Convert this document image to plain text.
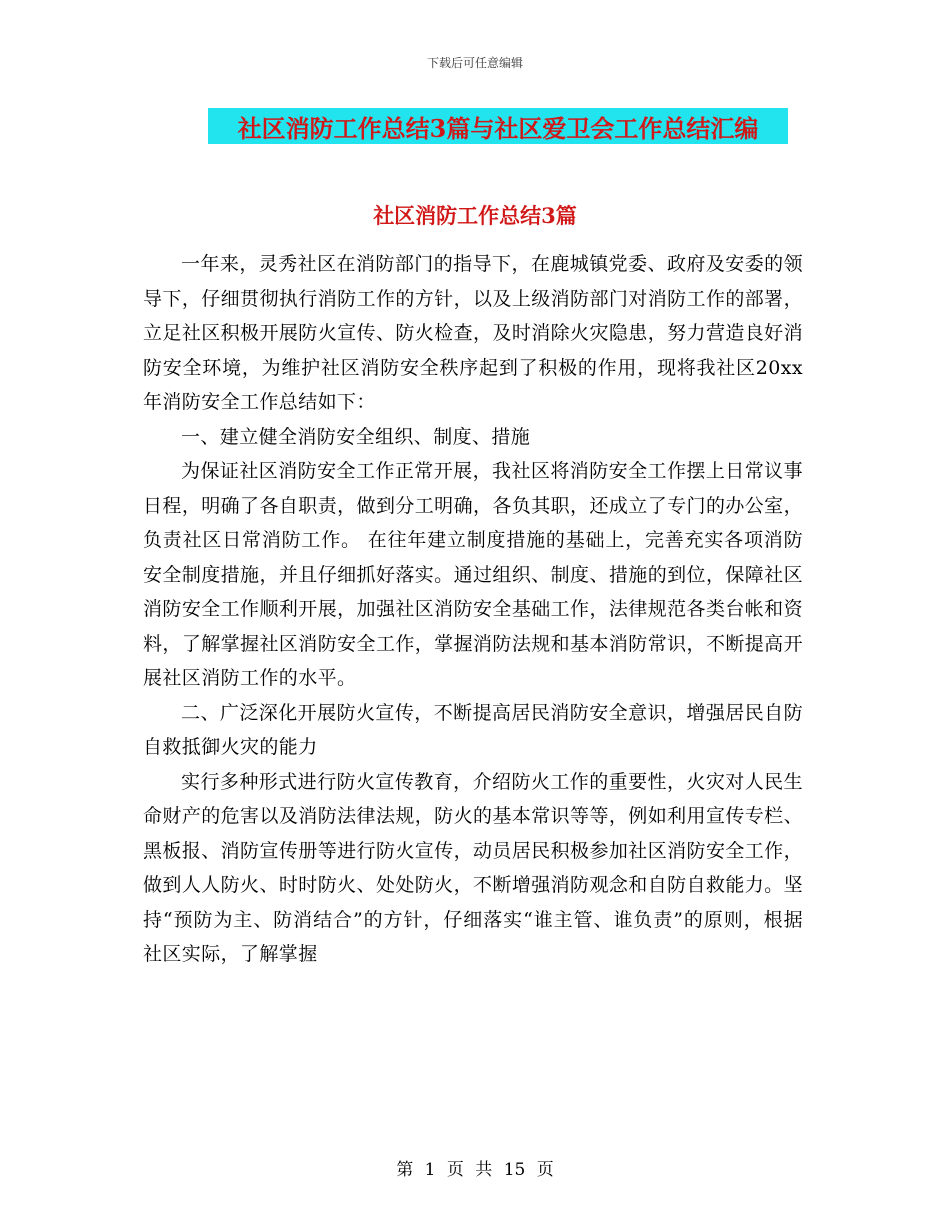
下载后可任意编辑
社区消防工作总结3篇与社区爱卫会工作总结汇编
社区消防工作总结3篇

一年来，灵秀社区在消防部门的指导下，在鹿城镇党委、政府及安委的领导下，仔细贯彻执行消防工作的方针，以及上级消防部门对消防工作的部署，立足社区积极开展防火宣传、防火检查，及时消除火灾隐患，努力营造良好消防安全环境，为维护社区消防安全秩序起到了积极的作用，现将我社区20xx年消防安全工作总结如下：

一、建立健全消防安全组织、制度、措施

为保证社区消防安全工作正常开展，我社区将消防安全工作摆上日常议事日程，明确了各自职责，做到分工明确，各负其职，还成立了专门的办公室，负责社区日常消防工作。 在往年建立制度措施的基础上，完善充实各项消防安全制度措施，并且仔细抓好落实。通过组织、制度、措施的到位，保障社区消防安全工作顺利开展，加强社区消防安全基础工作，法律规范各类台帐和资料，了解掌握社区消防安全工作，掌握消防法规和基本消防常识，不断提高开展社区消防工作的水平。

二、广泛深化开展防火宣传，不断提高居民消防安全意识，增强居民自防自救抵御火灾的能力

实行多种形式进行防火宣传教育，介绍防火工作的重要性，火灾对人民生命财产的危害以及消防法律法规，防火的基本常识等等，例如利用宣传专栏、黑板报、消防宣传册等进行防火宣传，动员居民积极参加社区消防安全工作，做到人人防火、时时防火、处处防火，不断增强消防观念和自防自救能力。坚持“预防为主、防消结合”的方针，仔细落实“谁主管、谁负责”的原则，根据社区实际，了解掌握

第 1 页 共 15 页
